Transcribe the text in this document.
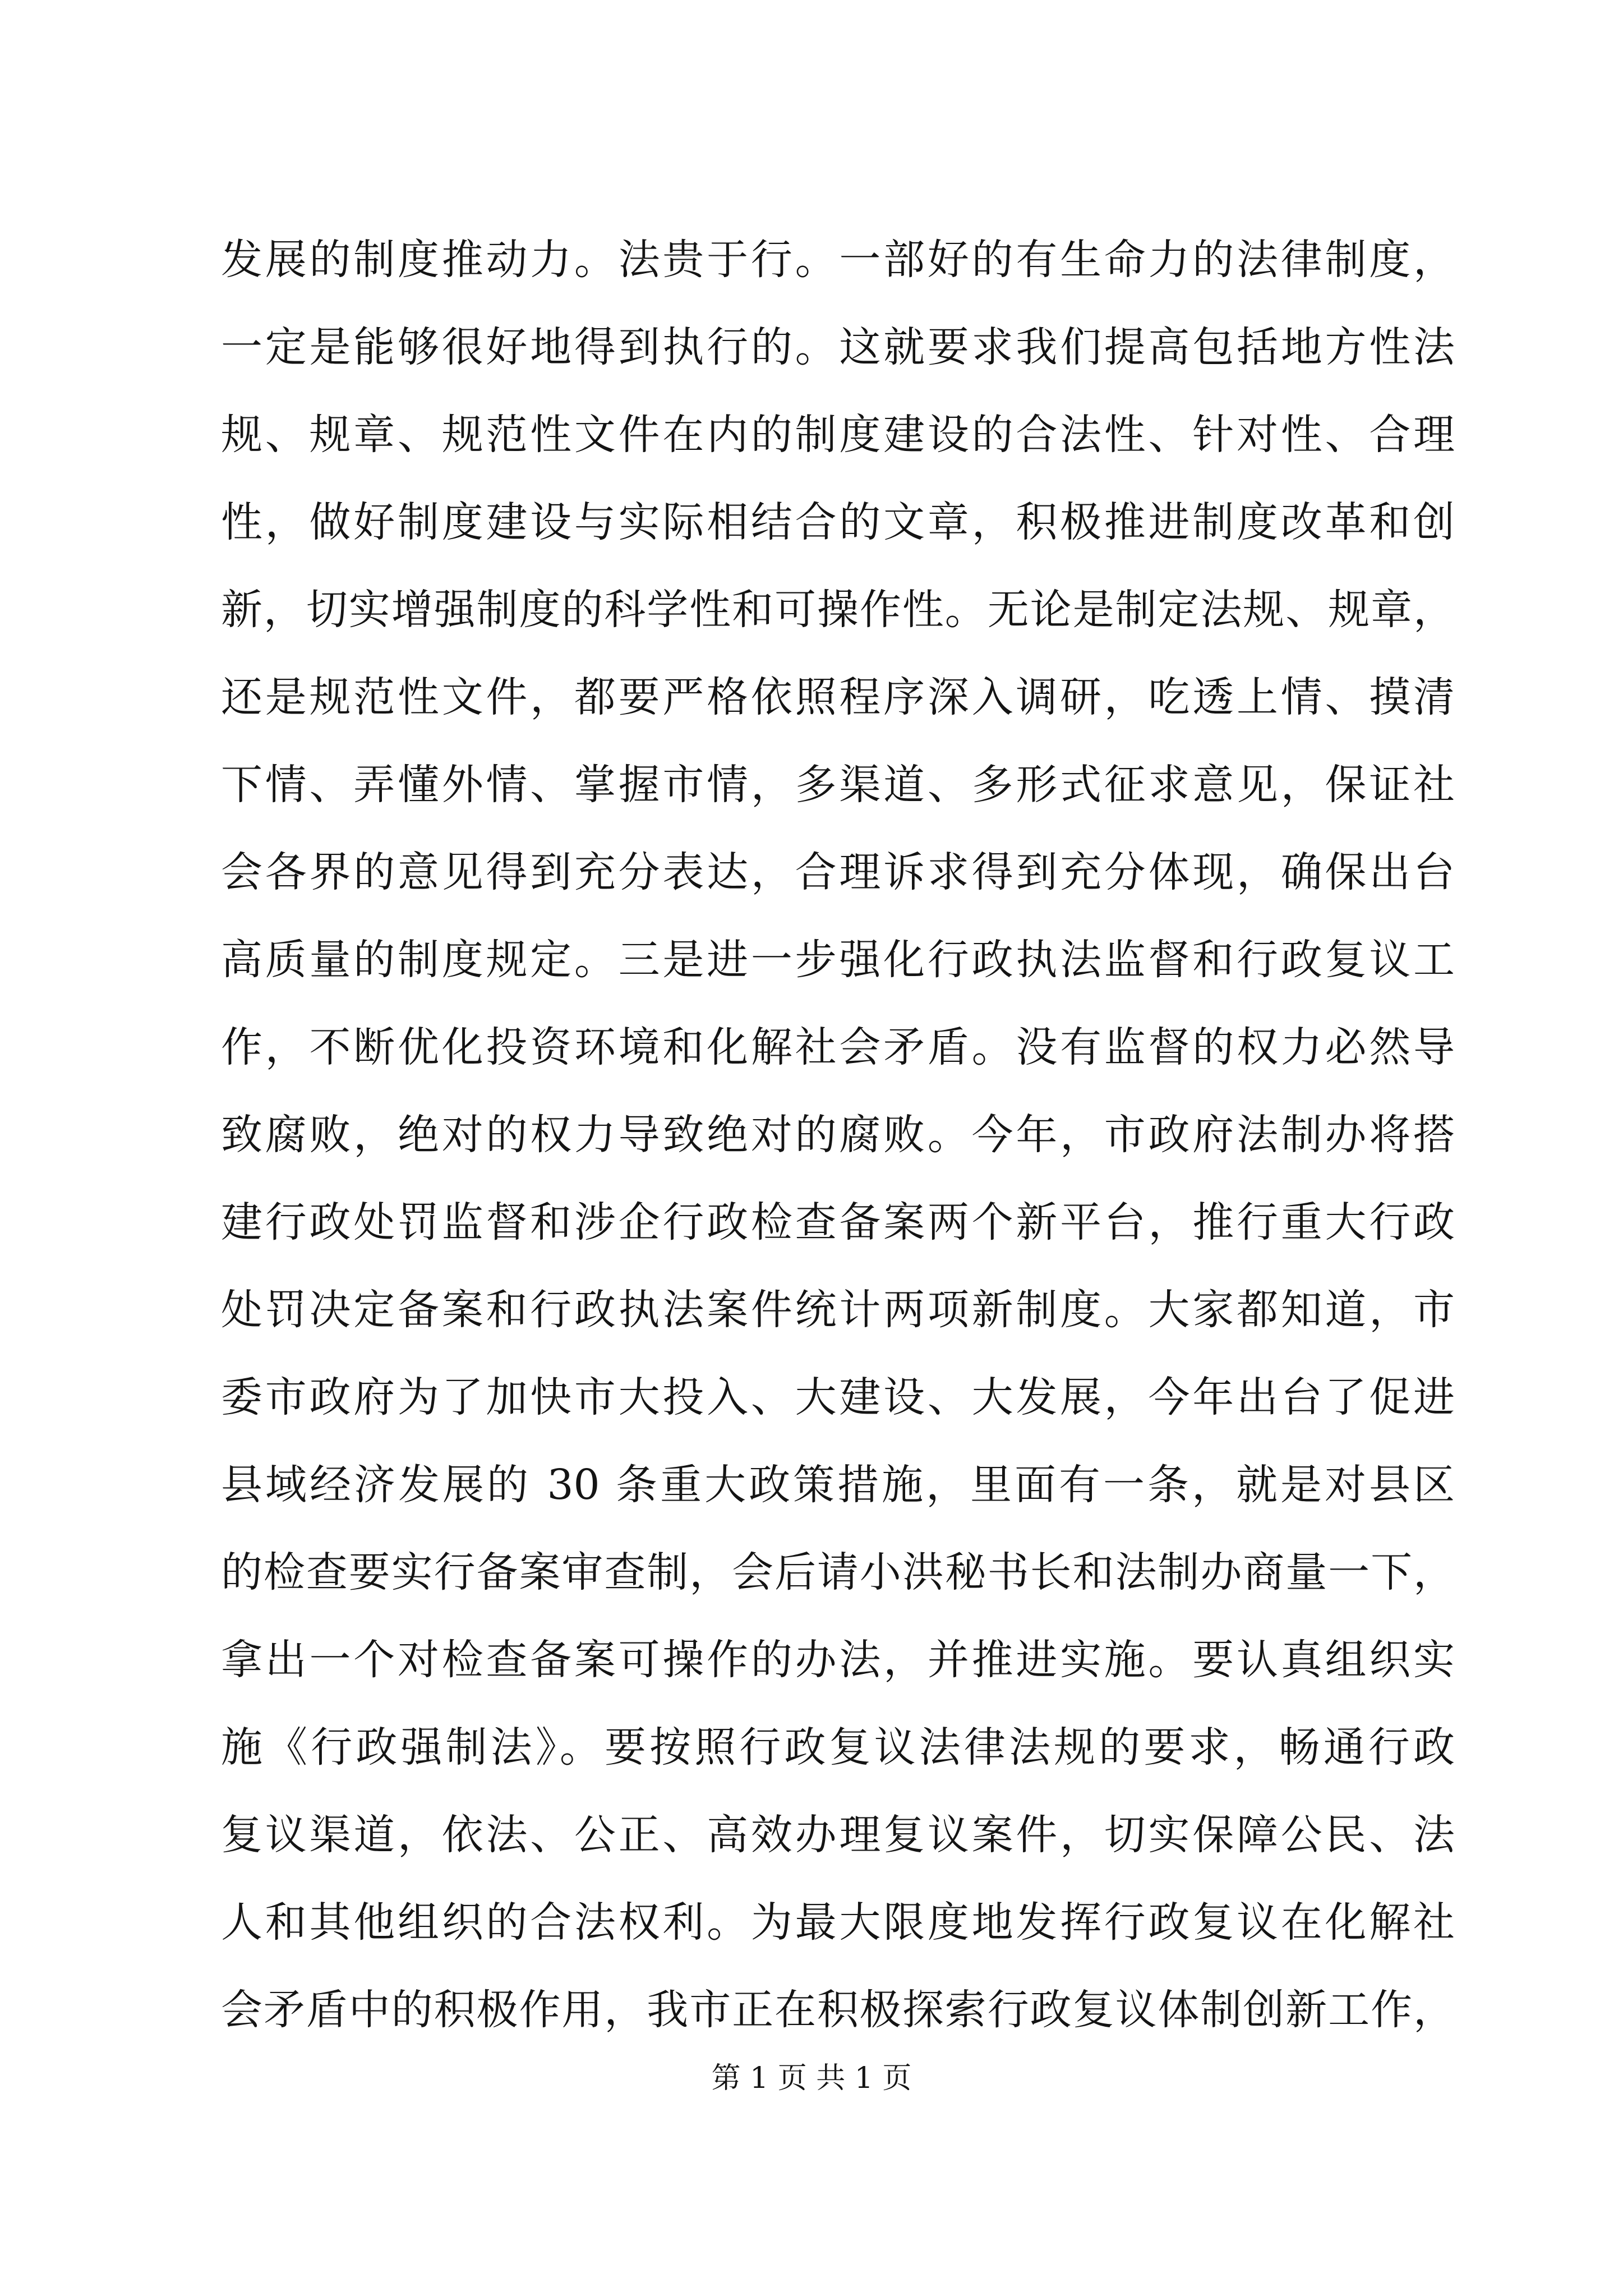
发展的制度推动力。法贵于行。一部好的有生命力的法律制度，
一定是能够很好地得到执行的。这就要求我们提高包括地方性法
规、规章、规范性文件在内的制度建设的合法性、针对性、合理
性，做好制度建设与实际相结合的文章，积极推进制度改革和创
新，切实增强制度的科学性和可操作性。无论是制定法规、规章，
还是规范性文件，都要严格依照程序深入调研，吃透上情、摸清
下情、弄懂外情、掌握市情，多渠道、多形式征求意见，保证社
会各界的意见得到充分表达，合理诉求得到充分体现，确保出台
高质量的制度规定。三是进一步强化行政执法监督和行政复议工
作，不断优化投资环境和化解社会矛盾。没有监督的权力必然导
致腐败，绝对的权力导致绝对的腐败。今年，市政府法制办将搭
建行政处罚监督和涉企行政检查备案两个新平台，推行重大行政
处罚决定备案和行政执法案件统计两项新制度。大家都知道，市
委市政府为了加快市大投入、大建设、大发展，今年出台了促进
县域经济发展的 30 条重大政策措施，里面有一条，就是对县区
的检查要实行备案审查制，会后请小洪秘书长和法制办商量一下，
拿出一个对检查备案可操作的办法，并推进实施。要认真组织实
施《行政强制法》。要按照行政复议法律法规的要求，畅通行政
复议渠道，依法、公正、高效办理复议案件，切实保障公民、法
人和其他组织的合法权利。为最大限度地发挥行政复议在化解社
会矛盾中的积极作用，我市正在积极探索行政复议体制创新工作，
第 1 页 共 1 页
